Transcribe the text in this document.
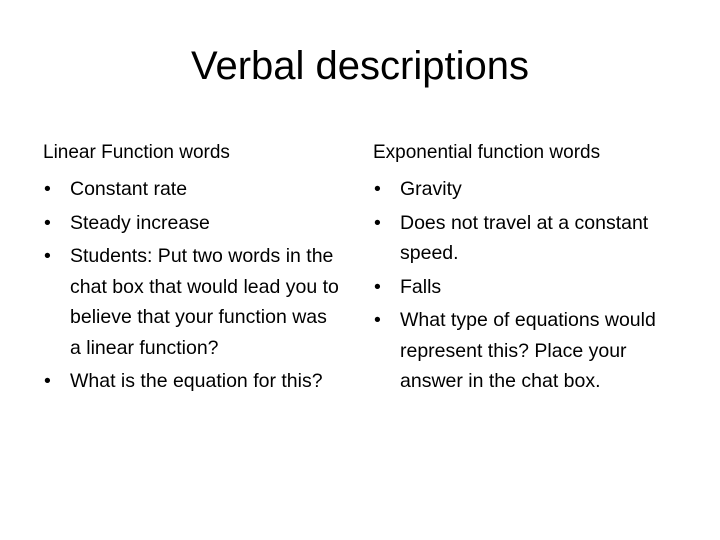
Verbal descriptions
Linear Function words
• Constant rate
• Steady increase
• Students: Put two words in the chat box that would lead you to believe that your function was a linear function?
• What is the equation for this?
Exponential function words
• Gravity
• Does not travel at a constant speed.
• Falls
• What type of equations would represent this? Place your answer in the chat box.
